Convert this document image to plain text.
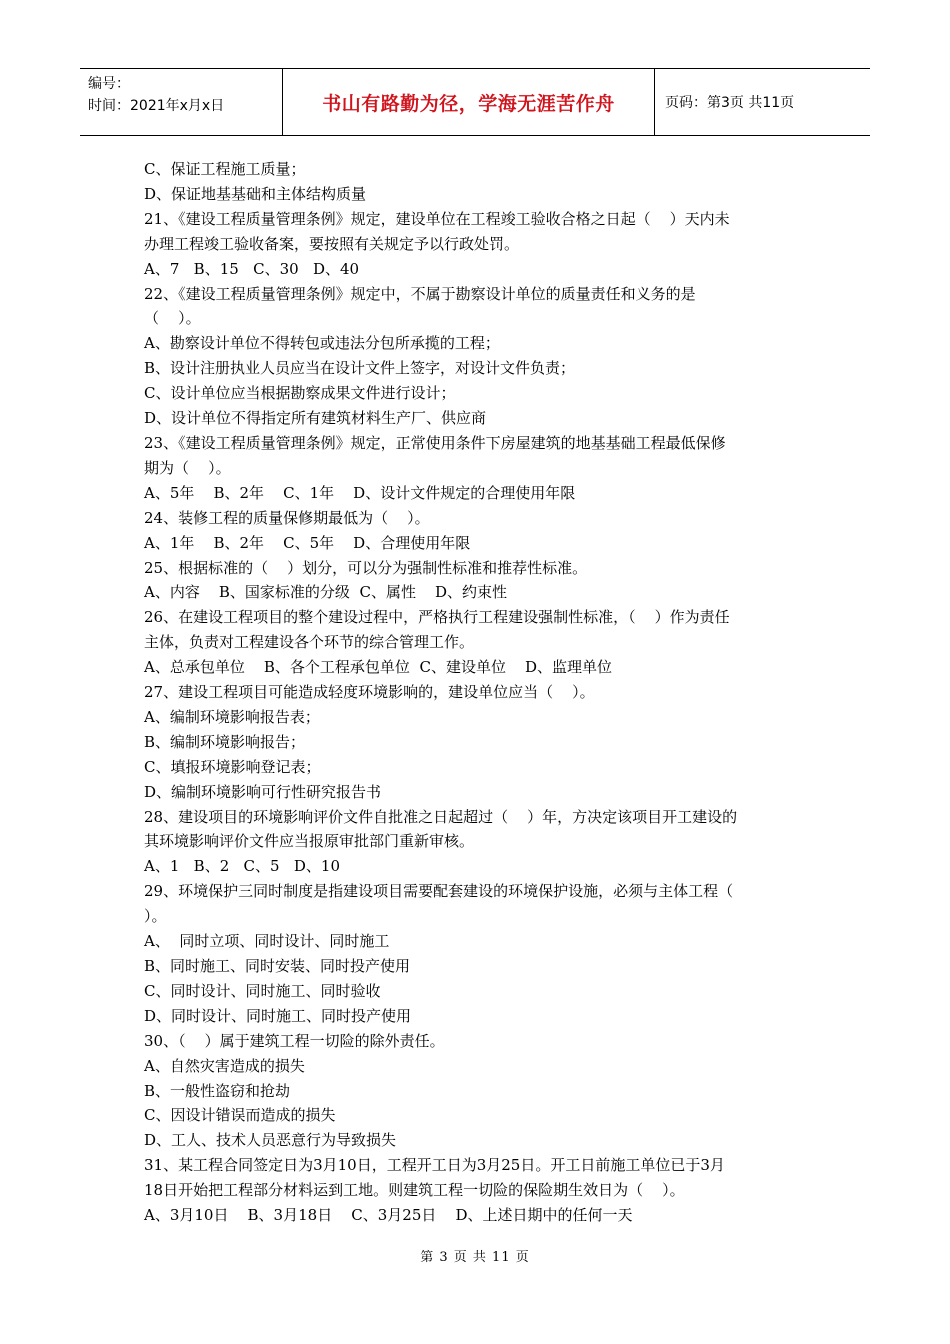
编号：
时间：2021年x月x日	书山有路勤为径，学海无涯苦作舟	页码：第3页 共11页

C、保证工程施工质量；

D、保证地基基础和主体结构质量

21、《建设工程质量管理条例》规定，建设单位在工程竣工验收合格之日起（    ）天内未

办理工程竣工验收备案，要按照有关规定予以行政处罚。

A、7   B、15   C、30   D、40

22、《建设工程质量管理条例》规定中，不属于勘察设计单位的质量责任和义务的是

（    ）。

A、勘察设计单位不得转包或违法分包所承揽的工程；

B、设计注册执业人员应当在设计文件上签字，对设计文件负责；

C、设计单位应当根据勘察成果文件进行设计；

D、设计单位不得指定所有建筑材料生产厂、供应商

23、《建设工程质量管理条例》规定，正常使用条件下房屋建筑的地基基础工程最低保修

期为（    ）。

A、5年    B、2年    C、1年    D、设计文件规定的合理使用年限

24、装修工程的质量保修期最低为（    ）。

A、1年    B、2年    C、5年    D、合理使用年限

25、根据标准的（    ）划分，可以分为强制性标准和推荐性标准。

A、内容    B、国家标准的分级  C、属性    D、约束性

26、在建设工程项目的整个建设过程中，严格执行工程建设强制性标准，（    ）作为责任

主体，负责对工程建设各个环节的综合管理工作。

A、总承包单位    B、各个工程承包单位  C、建设单位    D、监理单位

27、建设工程项目可能造成轻度环境影响的，建设单位应当（    ）。

A、编制环境影响报告表；

B、编制环境影响报告；

C、填报环境影响登记表；

D、编制环境影响可行性研究报告书

28、建设项目的环境影响评价文件自批准之日起超过（    ）年，方决定该项目开工建设的

其环境影响评价文件应当报原审批部门重新审核。

A、1   B、2   C、5   D、10

29、环境保护三同时制度是指建设项目需要配套建设的环境保护设施，必须与主体工程（

）。

A、  同时立项、同时设计、同时施工

B、同时施工、同时安装、同时投产使用

C、同时设计、同时施工、同时验收

D、同时设计、同时施工、同时投产使用

30、（    ）属于建筑工程一切险的除外责任。

A、自然灾害造成的损失

B、一般性盗窃和抢劫

C、因设计错误而造成的损失

D、工人、技术人员恶意行为导致损失

31、某工程合同签定日为3月10日，工程开工日为3月25日。开工日前施工单位已于3月

18日开始把工程部分材料运到工地。则建筑工程一切险的保险期生效日为（    ）。

A、3月10日    B、3月18日    C、3月25日    D、上述日期中的任何一天

第 3 页 共 11 页
